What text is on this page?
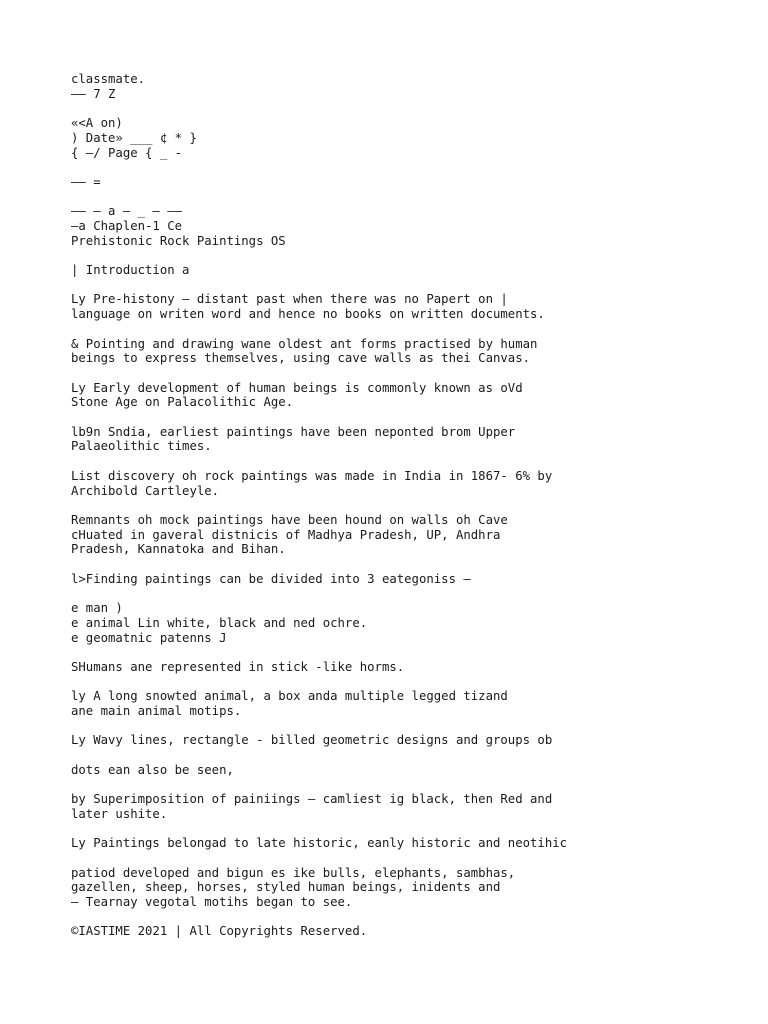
classmate.
—— 7 Z
«<A on)
) Date» ___ ¢ * }
{ —/ Page { _ -
—— =
—— — a — _ — ——
—a Chaplen-1 Ce
Prehistonic Rock Paintings OS
| Introduction a
Ly Pre-histony — distant past when there was no Papert on |
language on writen word and hence no books on written documents.
& Pointing and drawing wane oldest ant forms practised by human
beings to express themselves, using cave walls as thei Canvas.
Ly Early development of human beings is commonly known as oVd
Stone Age on Palacolithic Age.
lb9n Sndia, earliest paintings have been neponted brom Upper
Palaeolithic times.
List discovery oh rock paintings was made in India in 1867- 6% by
Archibold Cartleyle.
Remnants oh mock paintings have been hound on walls oh Cave
cHuated in gaveral distnicis of Madhya Pradesh, UP, Andhra
Pradesh, Kannatoka and Bihan.
l>Finding paintings can be divided into 3 eategoniss —
e man )
e animal Lin white, black and ned ochre.
e geomatnic patenns J
SHumans ane represented in stick -like horms.
ly A long snowted animal, a box anda multiple legged tizand
ane main animal motips.
Ly Wavy lines, rectangle - billed geometric designs and groups ob
dots ean also be seen,
by Superimposition of painiings — camliest ig black, then Red and
later ushite.
Ly Paintings belongad to late historic, eanly historic and neotihic
patiod developed and bigun es ike bulls, elephants, sambhas,
gazellen, sheep, horses, styled human beings, inidents and
— Tearnay vegotal motihs began to see.
©IASTIME 2021 | All Copyrights Reserved.
